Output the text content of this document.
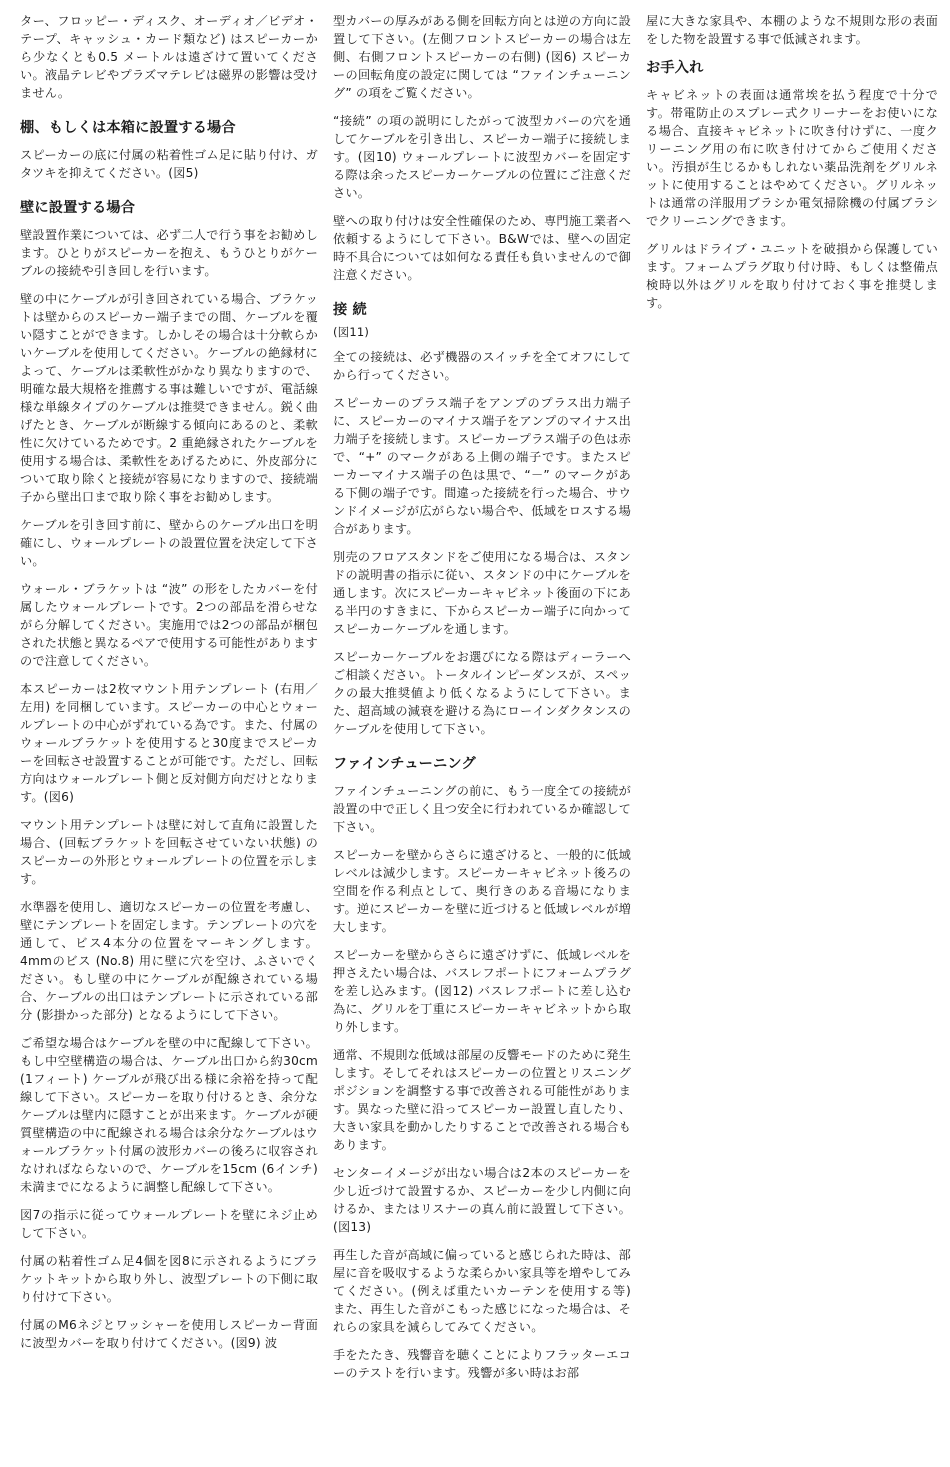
ター、フロッピー・ディスク、オーディオ／ビデオ・テープ、キャッシュ・カード類など) はスピーカーから少なくとも0.5 メートルは遠ざけて置いてください。液晶テレビやプラズマテレビは磁界の影響は受けません。

棚、もしくは本箱に設置する場合

スピーカーの底に付属の粘着性ゴム足に貼り付け、ガタツキを抑えてください。(図5)

壁に設置する場合

壁設置作業については、必ず二人で行う事をお勧めします。ひとりがスピーカーを抱え、もうひとりがケーブルの接続や引き回しを行います。

壁の中にケーブルが引き回されている場合、ブラケットは壁からのスピーカー端子までの間、ケーブルを覆い隠すことができます。しかしその場合は十分軟らかいケーブルを使用してください。ケーブルの絶縁材によって、ケーブルは柔軟性がかなり異なりますので、明確な最大規格を推薦する事は難しいですが、電話線様な単線タイプのケーブルは推奨できません。鋭く曲げたとき、ケーブルが断線する傾向にあるのと、柔軟性に欠けているためです。2 重絶縁されたケーブルを使用する場合は、柔軟性をあげるために、外皮部分について取り除くと接続が容易になりますので、接続端子から壁出口まで取り除く事をお勧めします。

ケーブルを引き回す前に、壁からのケーブル出口を明確にし、ウォールプレートの設置位置を決定して下さい。

ウォール・ブラケットは “波” の形をしたカバーを付属したウォールプレートです。2つの部品を滑らせながら分解してください。実施用では2つの部品が梱包された状態と異なるペアで使用する可能性がありますので注意してください。

本スピーカーは2枚マウント用テンプレート (右用／左用) を同梱しています。スピーカーの中心とウォールプレートの中心がずれている為です。また、付属のウォールブラケットを使用すると30度までスピーカーを回転させ設置することが可能です。ただし、回転方向はウォールプレート側と反対側方向だけとなります。(図6)

マウント用テンプレートは壁に対して直角に設置した場合、(回転ブラケットを回転させていない状態) のスピーカーの外形とウォールプレートの位置を示します。

水準器を使用し、適切なスピーカーの位置を考慮し、壁にテンプレートを固定します。テンプレートの穴を通して、ビス4本分の位置をマーキングします。4mmのビス (No.8) 用に壁に穴を空け、ふさいでください。もし壁の中にケーブルが配線されている場合、ケーブルの出口はテンプレートに示されている部分 (影掛かった部分) となるようにして下さい。

ご希望な場合はケーブルを壁の中に配線して下さい。もし中空壁構造の場合は、ケーブル出口から約30cm (1フィート) ケーブルが飛び出る様に余裕を持って配線して下さい。スピーカーを取り付けるとき、余分なケーブルは壁内に隠すことが出来ます。ケーブルが硬質壁構造の中に配線される場合は余分なケーブルはウォールブラケット付属の波形カバーの後ろに収容されなければならないので、ケーブルを15cm (6インチ) 未満までになるように調整し配線して下さい。

図7の指示に従ってウォールプレートを壁にネジ止めして下さい。

付属の粘着性ゴム足4個を図8に示されるようにブラケットキットから取り外し、波型プレートの下側に取り付けて下さい。

付属のM6ネジとワッシャーを使用しスピーカー背面に波型カバーを取り付けてください。(図9) 波

型カバーの厚みがある側を回転方向とは逆の方向に設置して下さい。(左側フロントスピーカーの場合は左側、右側フロントスピーカーの右側) (図6) スピーカーの回転角度の設定に関しては “ファインチューニング” の項をご覧ください。

“接続” の項の説明にしたがって波型カバーの穴を通してケーブルを引き出し、スピーカー端子に接続します。(図10) ウォールプレートに波型カバーを固定する際は余ったスピーカーケーブルの位置にご注意ください。

壁への取り付けは安全性確保のため、専門施工業者へ依頼するようにして下さい。B&Wでは、壁への固定時不具合については如何なる責任も負いませんので御注意ください。

接 続
(図11)

全ての接続は、必ず機器のスイッチを全てオフにしてから行ってください。

スピーカーのプラス端子をアンプのプラス出力端子に、スピーカーのマイナス端子をアンプのマイナス出力端子を接続します。スピーカープラス端子の色は赤で、“+” のマークがある上側の端子です。またスピーカーマイナス端子の色は黒で、“－” のマークがある下側の端子です。間違った接続を行った場合、サウンドイメージが広がらない場合や、低域をロスする場合があります。

別売のフロアスタンドをご使用になる場合は、スタンドの説明書の指示に従い、スタンドの中にケーブルを通します。次にスピーカーキャビネット後面の下にある半円のすきまに、下からスピーカー端子に向かってスピーカーケーブルを通します。

スピーカーケーブルをお選びになる際はディーラーへご相談ください。トータルインピーダンスが、スペックの最大推奨値より低くなるようにして下さい。また、超高域の減衰を避ける為にローインダクタンスのケーブルを使用して下さい。

ファインチューニング

ファインチューニングの前に、もう一度全ての接続が設置の中で正しく且つ安全に行われているか確認して下さい。

スピーカーを壁からさらに遠ざけると、一般的に低域レベルは減少します。スピーカーキャビネット後ろの空間を作る利点として、奥行きのある音場になります。逆にスピーカーを壁に近づけると低域レベルが増大します。

スピーカーを壁からさらに遠ざけずに、低域レベルを押さえたい場合は、バスレフポートにフォームプラグを差し込みます。(図12) バスレフポートに差し込む為に、グリルを丁重にスピーカーキャビネットから取り外します。

通常、不規則な低域は部屋の反響モードのために発生します。そしてそれはスピーカーの位置とリスニングポジションを調整する事で改善される可能性があります。異なった壁に沿ってスピーカー設置し直したり、大きい家具を動かしたりすることで改善される場合もあります。

センターイメージが出ない場合は2本のスピーカーを少し近づけて設置するか、スピーカーを少し内側に向けるか、またはリスナーの真ん前に設置して下さい。(図13)

再生した音が高域に偏っていると感じられた時は、部屋に音を吸収するような柔らかい家具等を増やしてみてください。(例えば重たいカーテンを使用する等) また、再生した音がこもった感じになった場合は、それらの家具を減らしてみてください。

手をたたき、残響音を聴くことによりフラッターエコーのテストを行います。残響が多い時はお部

屋に大きな家具や、本棚のような不規則な形の表面をした物を設置する事で低減されます。

お手入れ

キャビネットの表面は通常埃を払う程度で十分です。帯電防止のスプレー式クリーナーをお使いになる場合、直接キャビネットに吹き付けずに、一度クリーニング用の布に吹き付けてからご使用ください。汚損が生じるかもしれない薬品洗剤をグリルネットに使用することはやめてください。グリルネットは通常の洋服用ブラシか電気掃除機の付属ブラシでクリーニングできます。

グリルはドライブ・ユニットを破損から保護しています。フォームプラグ取り付け時、もしくは整備点検時以外はグリルを取り付けておく事を推奨します。
